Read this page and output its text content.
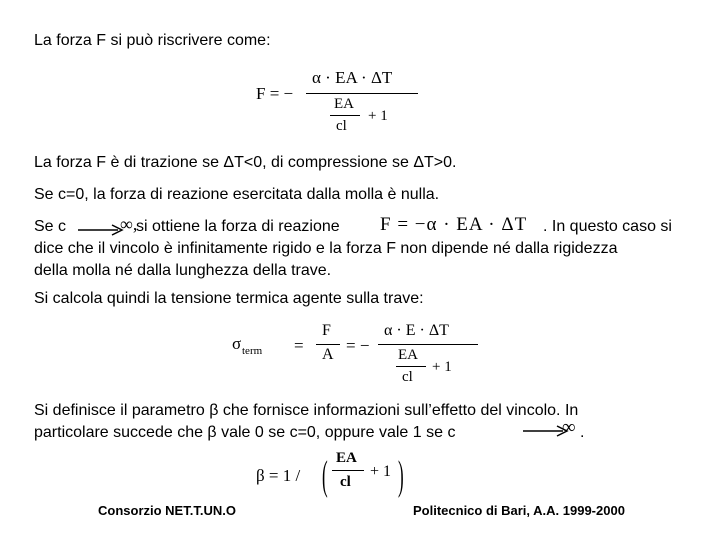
La forza F si può riscrivere come:
F = −
α · EA · ΔT
EA
cl
+ 1
La forza F è di trazione se ΔT<0, di compressione se ΔT>0.
Se c=0, la forza di reazione esercitata dalla molla è nulla.
Se c	∞,
si ottiene la forza di reazione F = −α · EA · ΔT . In questo caso si
dice che il vincolo è infinitamente rigido e la forza F non dipende né dalla rigidezza
della molla né dalla lunghezza della trave.
Si calcola quindi la tensione termica agente sulla trave:
σ term =
F
A = −
α · E · ΔT
EA
cl
+ 1
Si definisce il parametro β che fornisce informazioni sull’effetto del vincolo. In
particolare succede che β vale 0 se c=0, oppure vale 1 se c	∞ .
β = 1 / ( EA
cl
+ 1 )
Consorzio NET.T.UN.O	Politecnico di Bari, A.A. 1999-2000
